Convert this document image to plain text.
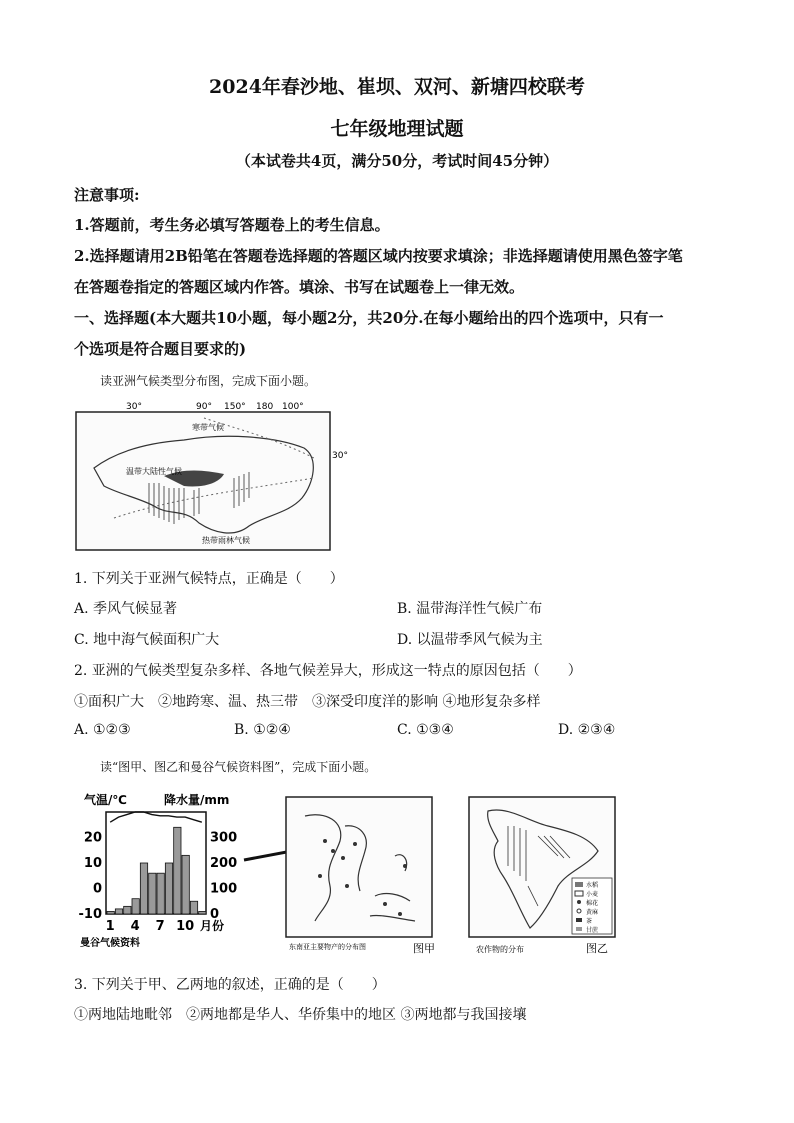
2024年春沙地、崔坝、双河、新塘四校联考
七年级地理试题
（本试卷共4页，满分50分，考试时间45分钟）
注意事项:
1.答题前，考生务必填写答题卷上的考生信息。
2.选择题请用2B铅笔在答题卷选择题的答题区域内按要求填涂；非选择题请使用黑色签字笔
在答题卷指定的答题区域内作答。填涂、书写在试题卷上一律无效。
一、选择题(本大题共10小题，每小题2分，共20分.在每小题给出的四个选项中，只有一
个选项是符合题目要求的)
读亚洲气候类型分布图，完成下面小题。
30°	90° 150° 180 100°
30°
寒带气候
温带大陆性气候
热带雨林气候
1. 下列关于亚洲气候特点，正确是（　　）
A. 季风气候显著	B. 温带海洋性气候广布
C. 地中海气候面积广大	D. 以温带季风气候为主
2. 亚洲的气候类型复杂多样、各地气候差异大，形成这一特点的原因包括（　　）
①面积广大　②地跨寒、温、热三带　③深受印度洋的影响 ④地形复杂多样
A. ①②③	B. ①②④	C. ①③④	D. ②③④
读“图甲、图乙和曼谷气候资料图”，完成下面小题。
气温/℃	降水量/mm
20
10
0
-10
300
200
100
0
1 4 7 10 月份
曼谷气候资料	东南亚主要物产的分布图	图甲
水稻
小麦
棉花
黄麻
茶
甘蔗
农作物的分布	图乙
3. 下列关于甲、乙两地的叙述，正确的是（　　）
①两地陆地毗邻　②两地都是华人、华侨集中的地区 ③两地都与我国接壤
